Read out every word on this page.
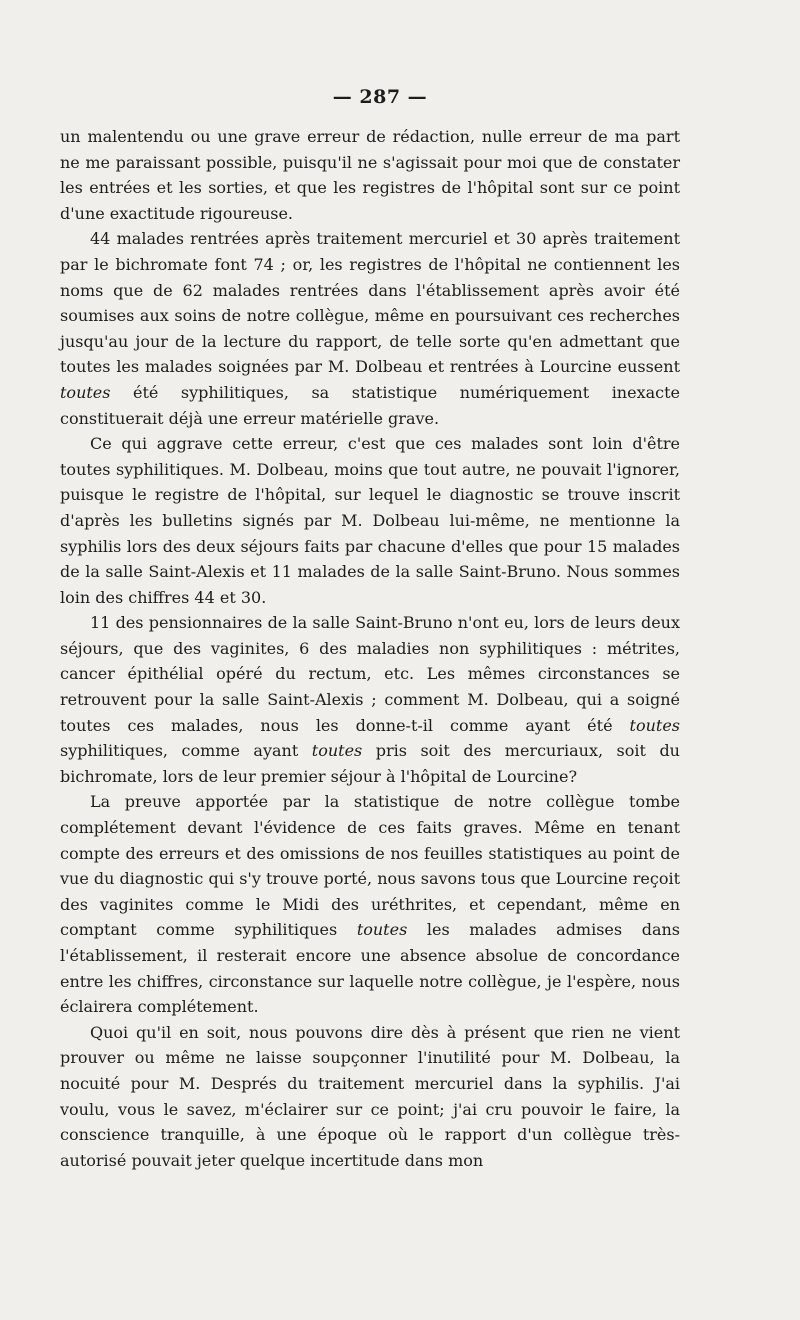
— 287 —

un malentendu ou une grave erreur de rédaction, nulle erreur de ma part ne me paraissant possible, puisqu'il ne s'agissait pour moi que de constater les entrées et les sorties, et que les registres de l'hôpital sont sur ce point d'une exactitude rigoureuse.

44 malades rentrées après traitement mercuriel et 30 après traitement par le bichromate font 74 ; or, les registres de l'hôpital ne contiennent les noms que de 62 malades rentrées dans l'établissement après avoir été soumises aux soins de notre collègue, même en poursuivant ces recherches jusqu'au jour de la lecture du rapport, de telle sorte qu'en admettant que toutes les malades soignées par M. Dolbeau et rentrées à Lourcine eussent toutes été syphilitiques, sa statistique numériquement inexacte constituerait déjà une erreur matérielle grave.

Ce qui aggrave cette erreur, c'est que ces malades sont loin d'être toutes syphilitiques. M. Dolbeau, moins que tout autre, ne pouvait l'ignorer, puisque le registre de l'hôpital, sur lequel le diagnostic se trouve inscrit d'après les bulletins signés par M. Dolbeau lui-même, ne mentionne la syphilis lors des deux séjours faits par chacune d'elles que pour 15 malades de la salle Saint-Alexis et 11 malades de la salle Saint-Bruno. Nous sommes loin des chiffres 44 et 30.

11 des pensionnaires de la salle Saint-Bruno n'ont eu, lors de leurs deux séjours, que des vaginites, 6 des maladies non syphilitiques : métrites, cancer épithélial opéré du rectum, etc. Les mêmes circonstances se retrouvent pour la salle Saint-Alexis ; comment M. Dolbeau, qui a soigné toutes ces malades, nous les donne-t-il comme ayant été toutes syphilitiques, comme ayant toutes pris soit des mercuriaux, soit du bichromate, lors de leur premier séjour à l'hôpital de Lourcine?

La preuve apportée par la statistique de notre collègue tombe complétement devant l'évidence de ces faits graves. Même en tenant compte des erreurs et des omissions de nos feuilles statistiques au point de vue du diagnostic qui s'y trouve porté, nous savons tous que Lourcine reçoit des vaginites comme le Midi des uréthrites, et cependant, même en comptant comme syphilitiques toutes les malades admises dans l'établissement, il resterait encore une absence absolue de concordance entre les chiffres, circonstance sur laquelle notre collègue, je l'espère, nous éclairera complétement.

Quoi qu'il en soit, nous pouvons dire dès à présent que rien ne vient prouver ou même ne laisse soupçonner l'inutilité pour M. Dolbeau, la nocuité pour M. Després du traitement mercuriel dans la syphilis. J'ai voulu, vous le savez, m'éclairer sur ce point; j'ai cru pouvoir le faire, la conscience tranquille, à une époque où le rapport d'un collègue très-autorisé pouvait jeter quelque incertitude dans mon
